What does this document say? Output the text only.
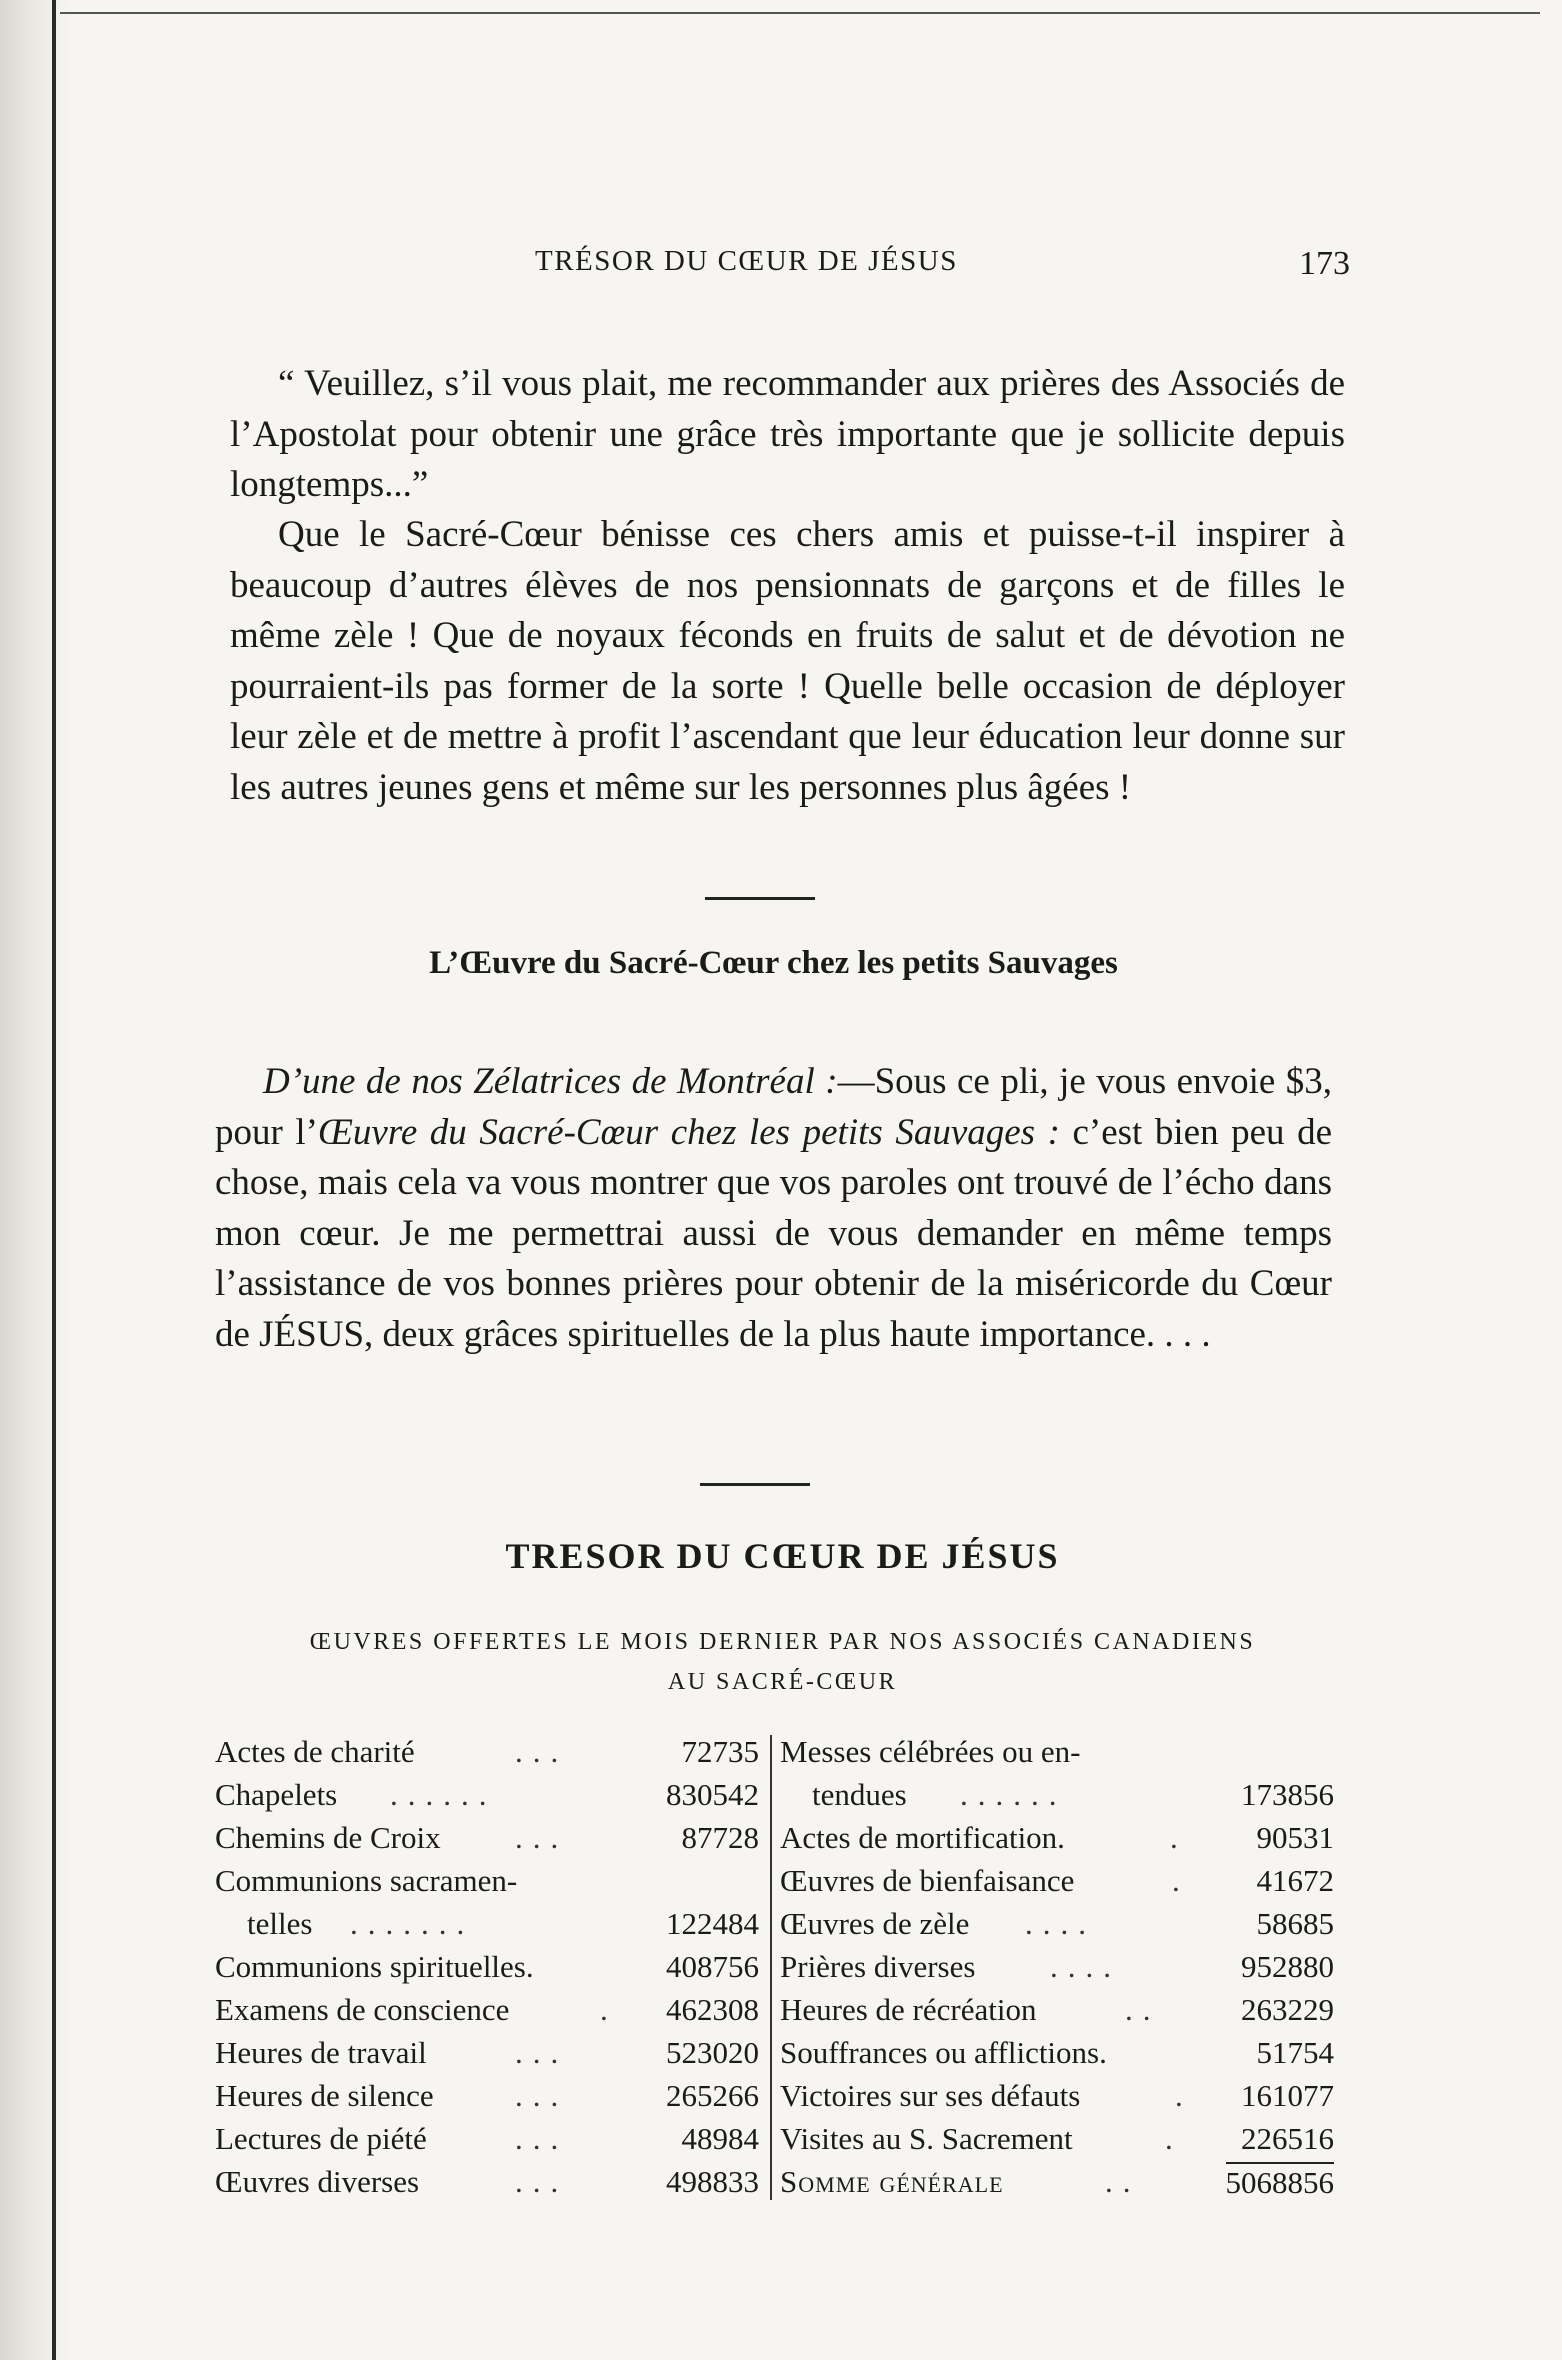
TRÉSOR DU CŒUR DE JÉSUS	173

“ Veuillez, s’il vous plait, me recommander aux prières des Associés de l’Apostolat pour obtenir une grâce très importante que je sollicite depuis longtemps...”

Que le Sacré-Cœur bénisse ces chers amis et puisse-t-il inspirer à beaucoup d’autres élèves de nos pensionnats de garçons et de filles le même zèle ! Que de noyaux féconds en fruits de salut et de dévotion ne pourraient-ils pas former de la sorte ! Quelle belle occasion de déployer leur zèle et de mettre à profit l’ascendant que leur éducation leur donne sur les autres jeunes gens et même sur les personnes plus âgées !

L’Œuvre du Sacré-Cœur chez les petits Sauvages

D’une de nos Zélatrices de Montréal :—Sous ce pli, je vous envoie $3, pour l’Œuvre du Sacré-Cœur chez les petits Sauvages : c’est bien peu de chose, mais cela va vous montrer que vos paroles ont trouvé de l’écho dans mon cœur. Je me permettrai aussi de vous demander en même temps l’assistance de vos bonnes prières pour obtenir de la miséricorde du Cœur de JÉSUS, deux grâces spirituelles de la plus haute importance. . . .

TRESOR DU CŒUR DE JÉSUS
ŒUVRES OFFERTES LE MOIS DERNIER PAR NOS ASSOCIÉS CANADIENS
AU SACRÉ-CŒUR
Actes de charité	...	72735
Chapelets ......	830542
Chemins de Croix ...	87728
Communions sacramen-
telles .......	122484
Communions spirituelles.	408756
Examens de conscience	. 462308
Heures de travail	...	523020
Heures de silence	...	265266
Lectures de piété	...	48984
Œuvres diverses	...	498833
Messes célébrées ou en-
tendues ......	173856
Actes de mortification.	. 90531
Œuvres de bienfaisance	. 41672
Œuvres de zèle ....	58685
Prières diverses ....	952880
Heures de récréation	..	263229
Souffrances ou afflictions.	51754
Victoires sur ses défauts	. 161077
Visites au S. Sacrement	. 226516
Somme générale	..	5068856
